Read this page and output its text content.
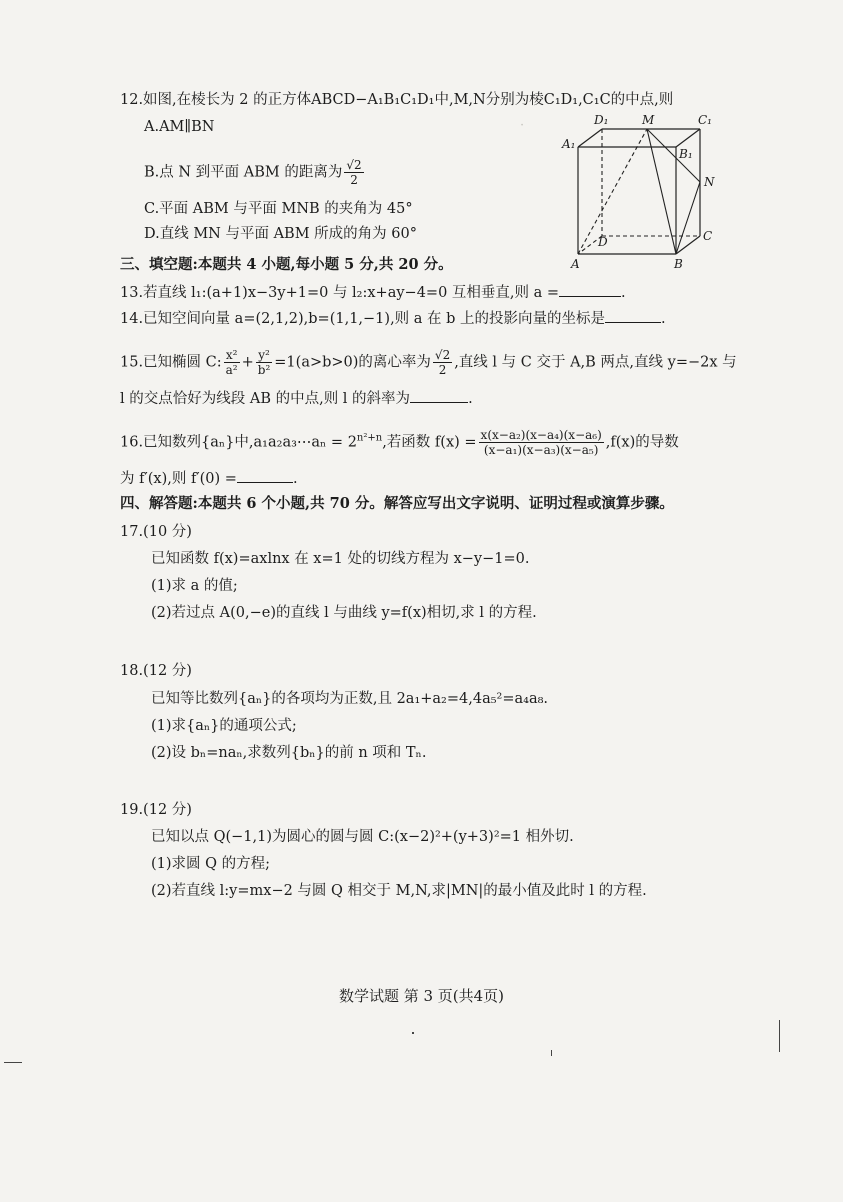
·
12.如图,在棱长为 2 的正方体ABCD−A₁B₁C₁D₁中,M,N分别为棱C₁D₁,C₁C的中点,则
A.AM∥BN
B.点 N 到平面 ABM 的距离为 $\frac{√2}{2}$
C.平面 ABM 与平面 MNB 的夹角为 45°
D.直线 MN 与平面 ABM 所成的角为 60°
D₁	M	C₁
A₁
B₁
N
D	C
A	B
三、填空题:本题共 4 小题,每小题 5 分,共 20 分。
13.若直线 l₁:(a+1)x−3y+1=0 与 l₂:x+ay−4=0 互相垂直,则 a =	.
14.已知空间向量 a=(2,1,2),b=(1,1,−1),则 a 在 b 上的投影向量的坐标是	.
15.已知椭圆 C: $\frac{\text{x²}}{\text{a²}} + \frac{\text{y²}}{\text{b²}} =1(a>b>0)$的离心率为 $\frac{√2}{2}$ ,直线 l 与 C 交于 A,B 两点,直线 y=−2x 与
l 的交点恰好为线段 AB 的中点,则 l 的斜率为	.
16.已知数列{aₙ}中,a₁a₂a₃⋯aₙ = $2^{n^2+n}$,若函数 $f(x) = \frac{\text{x(x−a₂)(x−a₄)(x−a₆)}}{\text{(x−a₁)(x−a₃)(x−a₅)}} ,f(x)$的导数
为 f′(x),则 f′(0) =	.
四、解答题:本题共 6 个小题,共 70 分。解答应写出文字说明、证明过程或演算步骤。
17.(10 分)
已知函数 f(x)=axlnx 在 x=1 处的切线方程为 x−y−1=0.
(1)求 a 的值;
(2)若过点 A(0,−e)的直线 l 与曲线 y=f(x)相切,求 l 的方程.
18.(12 分)
已知等比数列{aₙ}的各项均为正数,且 2a₁+a₂=4,4a₅²=a₄a₈.
(1)求{aₙ}的通项公式;
(2)设 bₙ=naₙ,求数列{bₙ}的前 n 项和 Tₙ.
19.(12 分)
已知以点 Q(−1,1)为圆心的圆与圆 C:(x−2)²+(y+3)²=1 相外切.
(1)求圆 Q 的方程;
(2)若直线 l:y=mx−2 与圆 Q 相交于 M,N,求|MN|的最小值及此时 l 的方程.
数学试题 第 3 页(共4页)
